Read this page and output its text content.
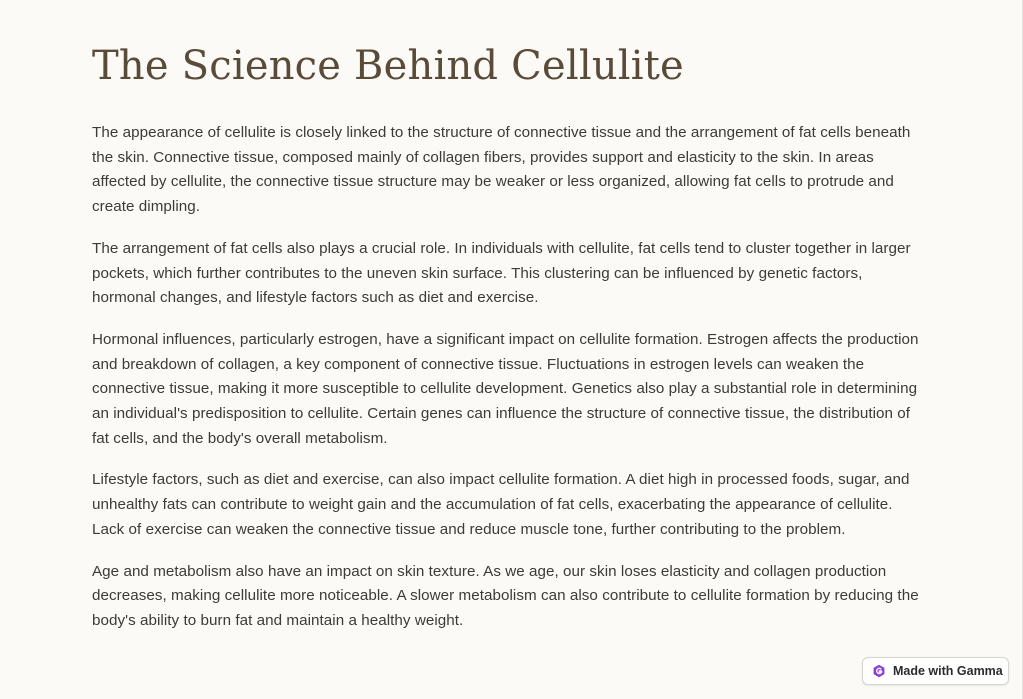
The Science Behind Cellulite

The appearance of cellulite is closely linked to the structure of connective tissue and the arrangement of fat cells beneath the skin. Connective tissue, composed mainly of collagen fibers, provides support and elasticity to the skin. In areas affected by cellulite, the connective tissue structure may be weaker or less organized, allowing fat cells to protrude and create dimpling.

The arrangement of fat cells also plays a crucial role. In individuals with cellulite, fat cells tend to cluster together in larger pockets, which further contributes to the uneven skin surface. This clustering can be influenced by genetic factors, hormonal changes, and lifestyle factors such as diet and exercise.

Hormonal influences, particularly estrogen, have a significant impact on cellulite formation. Estrogen affects the production and breakdown of collagen, a key component of connective tissue. Fluctuations in estrogen levels can weaken the connective tissue, making it more susceptible to cellulite development. Genetics also play a substantial role in determining an individual's predisposition to cellulite. Certain genes can influence the structure of connective tissue, the distribution of fat cells, and the body's overall metabolism.

Lifestyle factors, such as diet and exercise, can also impact cellulite formation. A diet high in processed foods, sugar, and unhealthy fats can contribute to weight gain and the accumulation of fat cells, exacerbating the appearance of cellulite. Lack of exercise can weaken the connective tissue and reduce muscle tone, further contributing to the problem.

Age and metabolism also have an impact on skin texture. As we age, our skin loses elasticity and collagen production decreases, making cellulite more noticeable. A slower metabolism can also contribute to cellulite formation by reducing the body's ability to burn fat and maintain a healthy weight.

Made with Gamma
